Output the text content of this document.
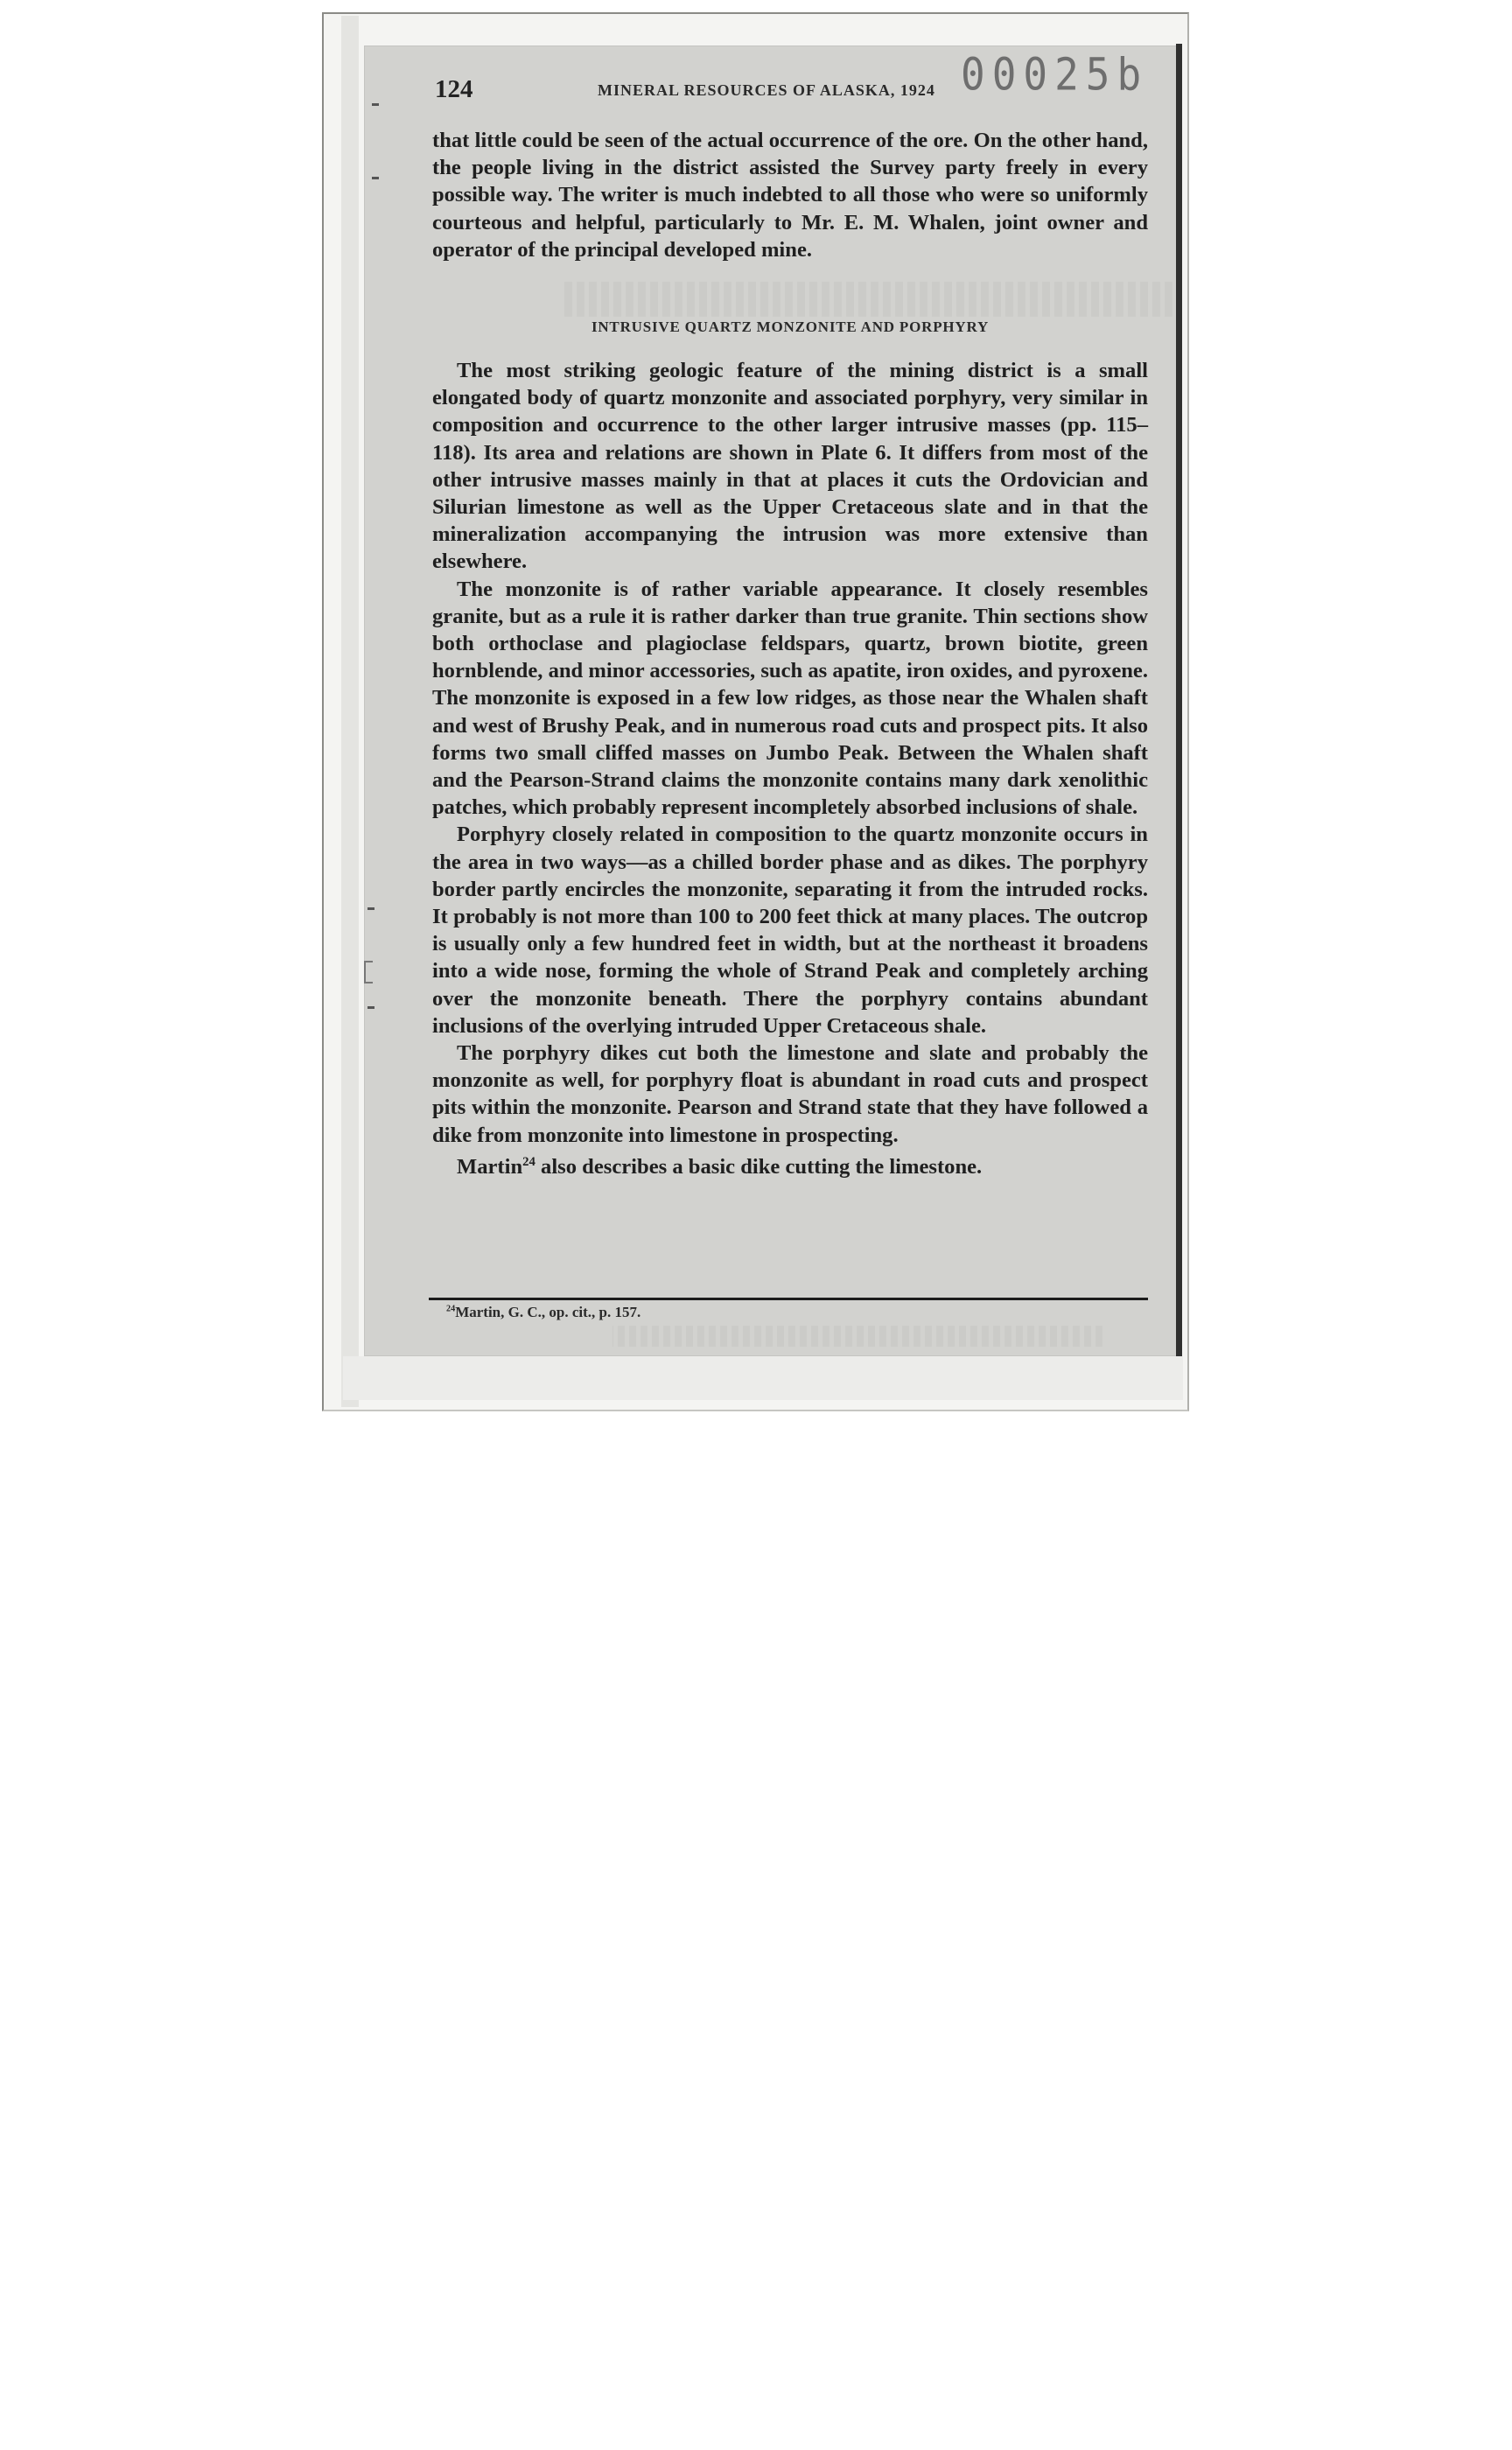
124	MINERAL RESOURCES OF ALASKA, 1924 00025b

that little could be seen of the actual occurrence of the ore. On the other hand, the people living in the district assisted the Survey party freely in every possible way. The writer is much indebted to all those who were so uniformly courteous and helpful, particularly to Mr. E. M. Whalen, joint owner and operator of the principal developed mine.

INTRUSIVE QUARTZ MONZONITE AND PORPHYRY

The most striking geologic feature of the mining district is a small elongated body of quartz monzonite and associated porphyry, very similar in composition and occurrence to the other larger intrusive masses (pp. 115–118). Its area and relations are shown in Plate 6. It differs from most of the other intrusive masses mainly in that at places it cuts the Ordovician and Silurian limestone as well as the Upper Cretaceous slate and in that the mineralization accompanying the intrusion was more extensive than elsewhere.

The monzonite is of rather variable appearance. It closely resembles granite, but as a rule it is rather darker than true granite. Thin sections show both orthoclase and plagioclase feldspars, quartz, brown biotite, green hornblende, and minor accessories, such as apatite, iron oxides, and pyroxene. The monzonite is exposed in a few low ridges, as those near the Whalen shaft and west of Brushy Peak, and in numerous road cuts and prospect pits. It also forms two small cliffed masses on Jumbo Peak. Between the Whalen shaft and the Pearson-Strand claims the monzonite contains many dark xenolithic patches, which probably represent incompletely absorbed inclusions of shale.

Porphyry closely related in composition to the quartz monzonite occurs in the area in two ways—as a chilled border phase and as dikes. The porphyry border partly encircles the monzonite, separating it from the intruded rocks. It probably is not more than 100 to 200 feet thick at many places. The outcrop is usually only a few hundred feet in width, but at the northeast it broadens into a wide nose, forming the whole of Strand Peak and completely arching over the monzonite beneath. There the porphyry contains abundant inclusions of the overlying intruded Upper Cretaceous shale.

The porphyry dikes cut both the limestone and slate and probably the monzonite as well, for porphyry float is abundant in road cuts and prospect pits within the monzonite. Pearson and Strand state that they have followed a dike from monzonite into limestone in prospecting.

Martin$^{24}$ also describes a basic dike cutting the limestone.

$^{24}$Martin, G. C., op. cit., p. 157.
